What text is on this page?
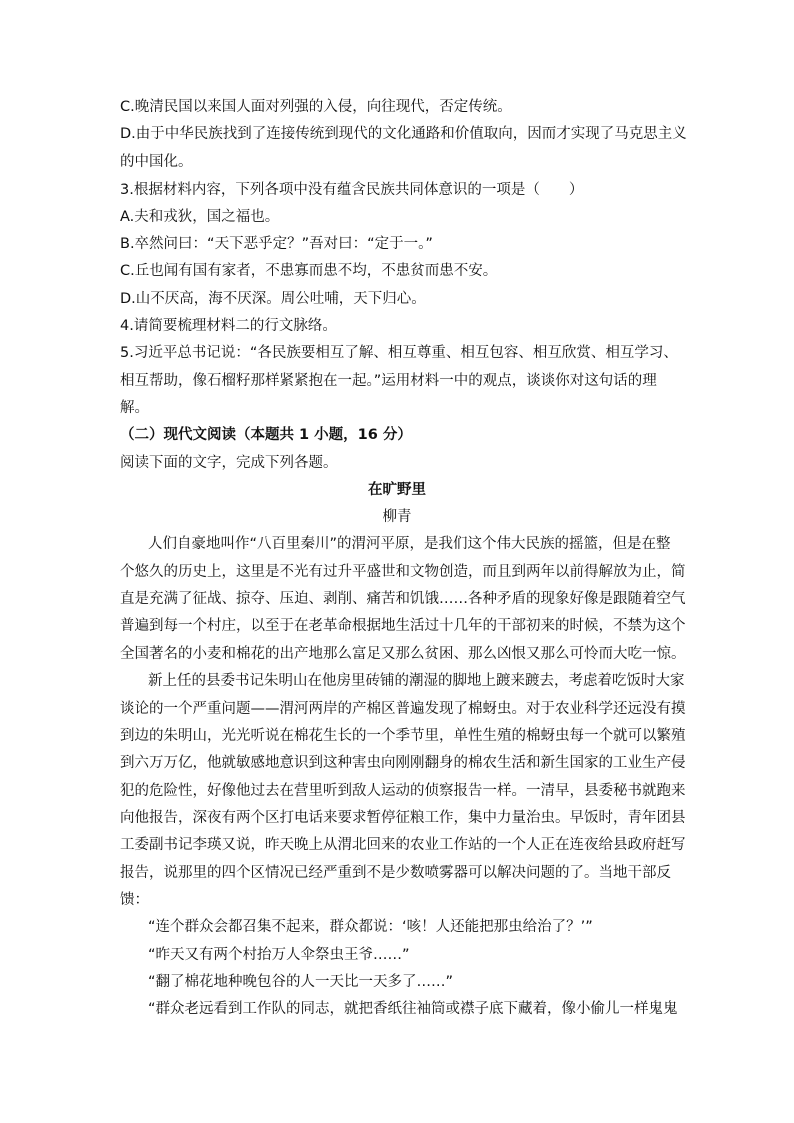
C.晚清民国以来国人面对列强的入侵，向往现代，否定传统。
D.由于中华民族找到了连接传统到现代的文化通路和价值取向，因而才实现了马克思主义
的中国化。
3.根据材料内容，下列各项中没有蕴含民族共同体意识的一项是（　　）
A.夫和戎狄，国之福也。
B.卒然问曰：“天下恶乎定？”吾对曰：“定于一。”
C.丘也闻有国有家者，不患寡而患不均，不患贫而患不安。
D.山不厌高，海不厌深。周公吐哺，天下归心。
4.请简要梳理材料二的行文脉络。
5.习近平总书记说：“各民族要相互了解、相互尊重、相互包容、相互欣赏、相互学习、
相互帮助，像石榴籽那样紧紧抱在一起。”运用材料一中的观点，谈谈你对这句话的理
解。
（二）现代文阅读（本题共 1 小题，16 分）
阅读下面的文字，完成下列各题。
在旷野里
柳青
人们自豪地叫作“八百里秦川”的渭河平原，是我们这个伟大民族的摇篮，但是在整
个悠久的历史上，这里是不光有过升平盛世和文物创造，而且到两年以前得解放为止，简
直是充满了征战、掠夺、压迫、剥削、痛苦和饥饿……各种矛盾的现象好像是跟随着空气
普遍到每一个村庄，以至于在老革命根据地生活过十几年的干部初来的时候，不禁为这个
全国著名的小麦和棉花的出产地那么富足又那么贫困、那么凶恨又那么可怜而大吃一惊。
新上任的县委书记朱明山在他房里砖铺的潮湿的脚地上踱来踱去，考虑着吃饭时大家
谈论的一个严重问题——渭河两岸的产棉区普遍发现了棉蚜虫。对于农业科学还远没有摸
到边的朱明山，光光听说在棉花生长的一个季节里，单性生殖的棉蚜虫每一个就可以繁殖
到六万万亿，他就敏感地意识到这种害虫向刚刚翻身的棉农生活和新生国家的工业生产侵
犯的危险性，好像他过去在营里听到敌人运动的侦察报告一样。一清早，县委秘书就跑来
向他报告，深夜有两个区打电话来要求暂停征粮工作，集中力量治虫。早饭时，青年团县
工委副书记李瑛又说，昨天晚上从渭北回来的农业工作站的一个人正在连夜给县政府赶写
报告，说那里的四个区情况已经严重到不是少数喷雾器可以解决问题的了。当地干部反
馈：
“连个群众会都召集不起来，群众都说：‘咳！人还能把那虫给治了？’”
“昨天又有两个村抬万人伞祭虫王爷……”
“翻了棉花地种晚包谷的人一天比一天多了……”
“群众老远看到工作队的同志，就把香纸往袖筒或襟子底下藏着，像小偷儿一样鬼鬼
